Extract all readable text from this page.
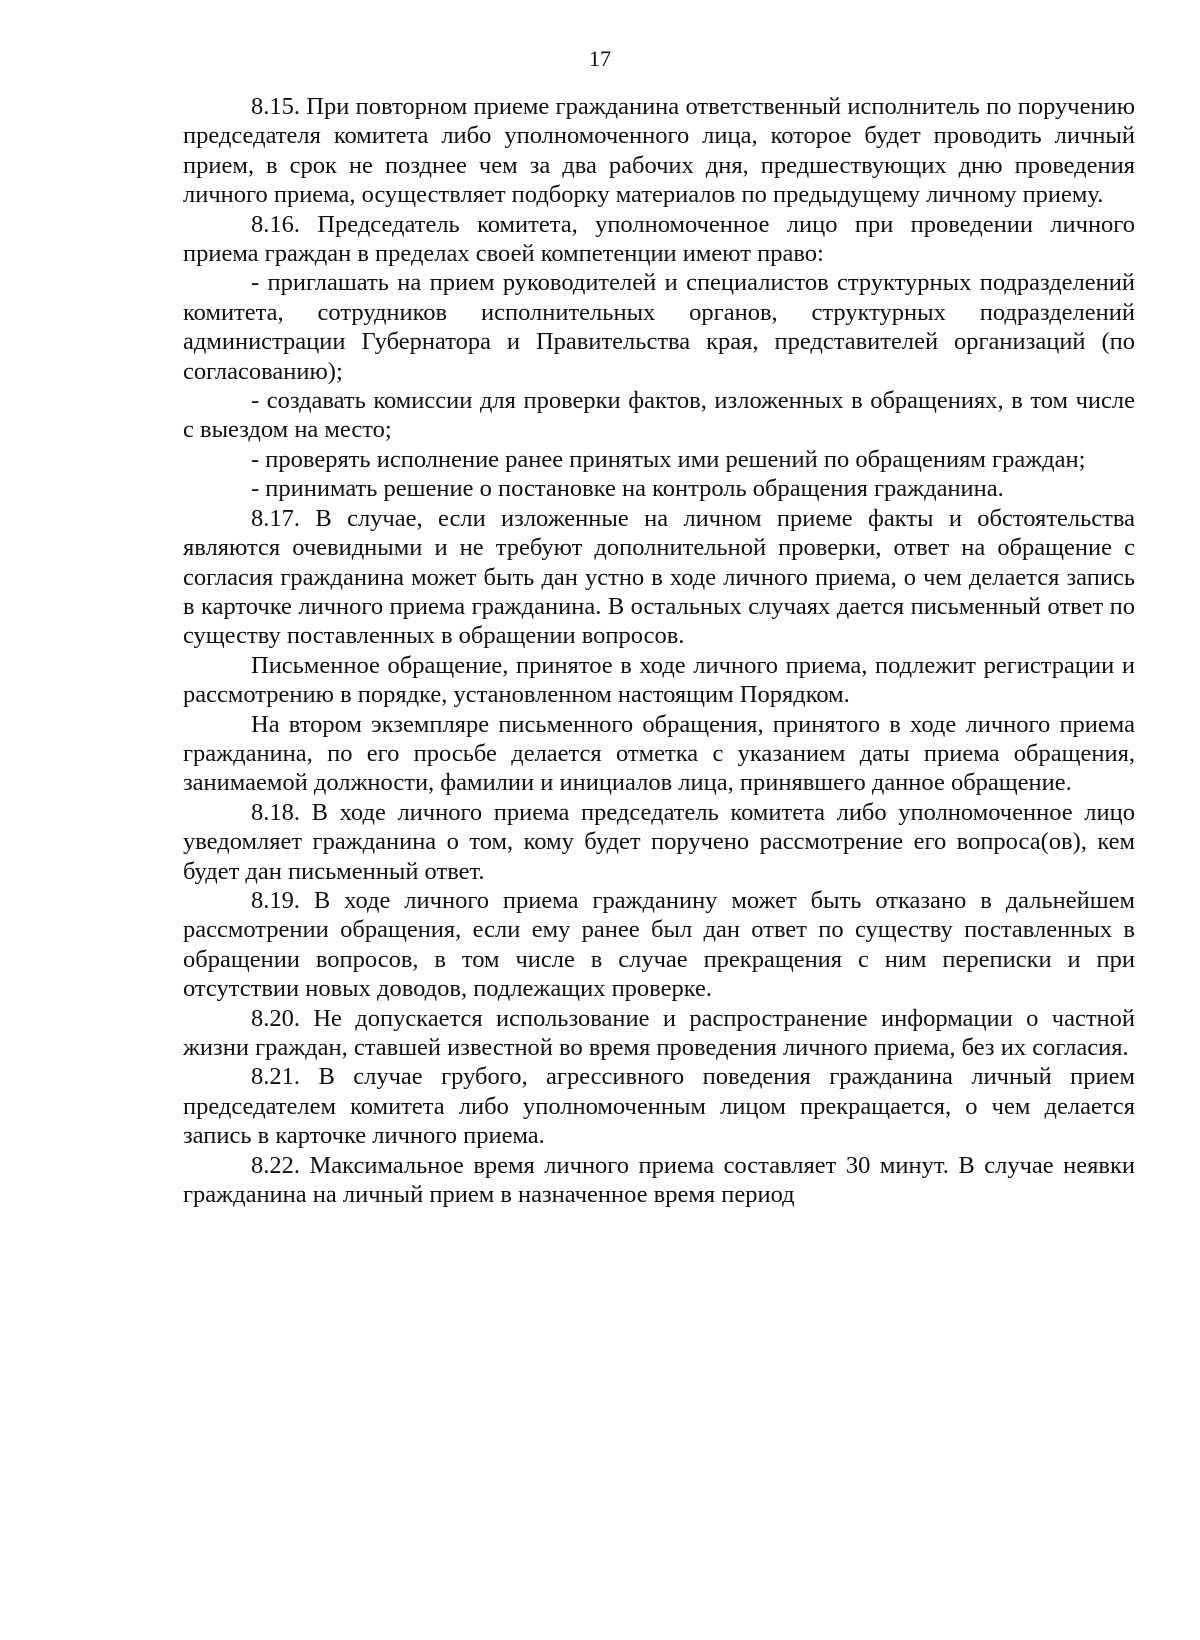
17

8.15. При повторном приеме гражданина ответственный исполнитель по поручению председателя комитета либо уполномоченного лица, которое будет проводить личный прием, в срок не позднее чем за два рабочих дня, предшествующих дню проведения личного приема, осуществляет подборку материалов по предыдущему личному приему.

8.16. Председатель комитета, уполномоченное лицо при проведении личного приема граждан в пределах своей компетенции имеют право:

- приглашать на прием руководителей и специалистов структурных подразделений комитета, сотрудников исполнительных органов, структурных подразделений администрации Губернатора и Правительства края, представителей организаций (по согласованию);

- создавать комиссии для проверки фактов, изложенных в обращениях, в том числе с выездом на место;

- проверять исполнение ранее принятых ими решений по обращениям граждан;

- принимать решение о постановке на контроль обращения гражданина.

8.17. В случае, если изложенные на личном приеме факты и обстоятельства являются очевидными и не требуют дополнительной проверки, ответ на обращение с согласия гражданина может быть дан устно в ходе личного приема, о чем делается запись в карточке личного приема гражданина. В остальных случаях дается письменный ответ по существу поставленных в обращении вопросов.

Письменное обращение, принятое в ходе личного приема, подлежит регистрации и рассмотрению в порядке, установленном настоящим Порядком.

На втором экземпляре письменного обращения, принятого в ходе личного приема гражданина, по его просьбе делается отметка с указанием даты приема обращения, занимаемой должности, фамилии и инициалов лица, принявшего данное обращение.

8.18. В ходе личного приема председатель комитета либо уполномоченное лицо уведомляет гражданина о том, кому будет поручено рассмотрение его вопроса(ов), кем будет дан письменный ответ.

8.19. В ходе личного приема гражданину может быть отказано в дальнейшем рассмотрении обращения, если ему ранее был дан ответ по существу поставленных в обращении вопросов, в том числе в случае прекращения с ним переписки и при отсутствии новых доводов, подлежащих проверке.

8.20. Не допускается использование и распространение информации о частной жизни граждан, ставшей известной во время проведения личного приема, без их согласия.

8.21. В случае грубого, агрессивного поведения гражданина личный прием председателем комитета либо уполномоченным лицом прекращается, о чем делается запись в карточке личного приема.

8.22. Максимальное время личного приема составляет 30 минут. В случае неявки гражданина на личный прием в назначенное время период
